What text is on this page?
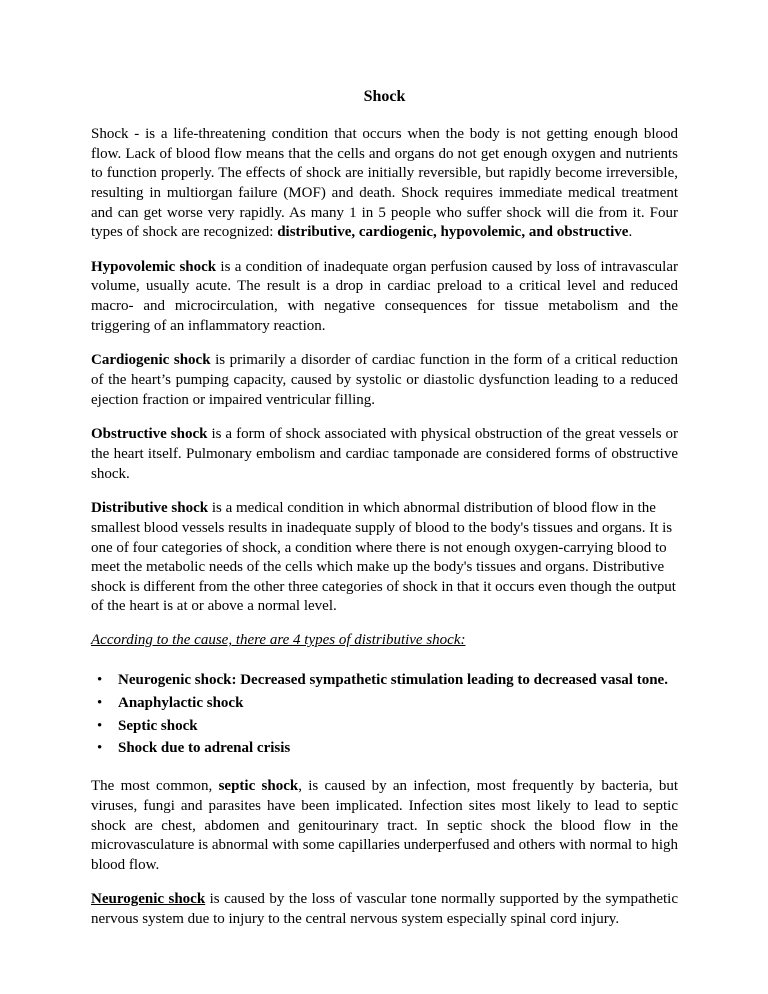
Shock

Shock - is a life-threatening condition that occurs when the body is not getting enough blood flow. Lack of blood flow means that the cells and organs do not get enough oxygen and nutrients to function properly. The effects of shock are initially reversible, but rapidly become irreversible, resulting in multiorgan failure (MOF) and death. Shock requires immediate medical treatment and can get worse very rapidly. As many 1 in 5 people who suffer shock will die from it. Four types of shock are recognized: distributive, cardiogenic, hypovolemic, and obstructive.

Hypovolemic shock is a condition of inadequate organ perfusion caused by loss of intravascular volume, usually acute. The result is a drop in cardiac preload to a critical level and reduced macro- and microcirculation, with negative consequences for tissue metabolism and the triggering of an inflammatory reaction.

Cardiogenic shock is primarily a disorder of cardiac function in the form of a critical reduction of the heart’s pumping capacity, caused by systolic or diastolic dysfunction leading to a reduced ejection fraction or impaired ventricular filling.

Obstructive shock is a form of shock associated with physical obstruction of the great vessels or the heart itself. Pulmonary embolism and cardiac tamponade are considered forms of obstructive shock.

Distributive shock is a medical condition in which abnormal distribution of blood flow in the smallest blood vessels results in inadequate supply of blood to the body's tissues and organs. It is one of four categories of shock, a condition where there is not enough oxygen-carrying blood to meet the metabolic needs of the cells which make up the body's tissues and organs. Distributive shock is different from the other three categories of shock in that it occurs even though the output of the heart is at or above a normal level.

According to the cause, there are 4 types of distributive shock:

• Neurogenic shock: Decreased sympathetic stimulation leading to decreased vasal tone.
• Anaphylactic shock
• Septic shock
• Shock due to adrenal crisis

The most common, septic shock, is caused by an infection, most frequently by bacteria, but viruses, fungi and parasites have been implicated. Infection sites most likely to lead to septic shock are chest, abdomen and genitourinary tract. In septic shock the blood flow in the microvasculature is abnormal with some capillaries underperfused and others with normal to high blood flow.

Neurogenic shock is caused by the loss of vascular tone normally supported by the sympathetic nervous system due to injury to the central nervous system especially spinal cord injury.
